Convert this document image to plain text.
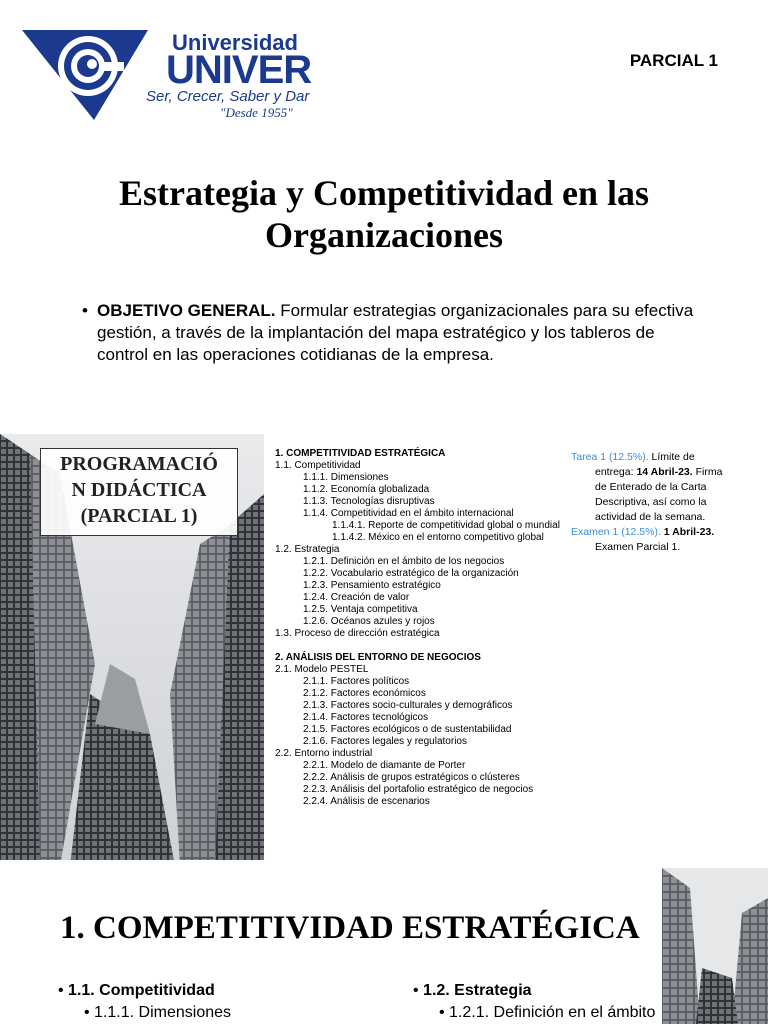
Universidad
UNIVER
Ser, Crecer, Saber y Dar
"Desde 1955"
PARCIAL 1
Estrategia y Competitividad en las
Organizaciones
• OBJETIVO GENERAL. Formular estrategias organizacionales para su efectiva gestión, a través de la implantación del mapa estratégico y los tableros de control en las operaciones cotidianas de la empresa.
PROGRAMACIÓ
N DIDÁCTICA
(PARCIAL 1)
1. COMPETITIVIDAD ESTRATÉGICA
1.1. Competitividad
1.1.1. Dimensiones
1.1.2. Economía globalizada
1.1.3. Tecnologías disruptivas
1.1.4. Competitividad en el ámbito internacional
1.1.4.1. Reporte de competitividad global o mundial
1.1.4.2. México en el entorno competitivo global
1.2. Estrategia
1.2.1. Definición en el ámbito de los negocios
1.2.2. Vocabulario estratégico de la organización
1.2.3. Pensamiento estratégico
1.2.4. Creación de valor
1.2.5. Ventaja competitiva
1.2.6. Océanos azules y rojos
1.3. Proceso de dirección estratégica
2. ANÁLISIS DEL ENTORNO DE NEGOCIOS
2.1. Modelo PESTEL
2.1.1. Factores políticos
2.1.2. Factores económicos
2.1.3. Factores socio-culturales y demográficos
2.1.4. Factores tecnológicos
2.1.5. Factores ecológicos o de sustentabilidad
2.1.6. Factores legales y regulatorios
2.2. Entorno industrial
2.2.1. Modelo de diamante de Porter
2.2.2. Análisis de grupos estratégicos o clústeres
2.2.3. Análisis del portafolio estratégico de negocios
2.2.4. Análisis de escenarios
Tarea 1 (12.5%). Límite de
entrega: 14 Abril-23. Firma
de Enterado de la Carta
Descriptiva, así como la
actividad de la semana.
Examen 1 (12.5%). 1 Abril-23.
Examen Parcial 1.
1. COMPETITIVIDAD ESTRATÉGICA
• 1.1. Competitividad
• 1.1.1. Dimensiones
• 1.2. Estrategia
• 1.2.1. Definición en el ámbito
